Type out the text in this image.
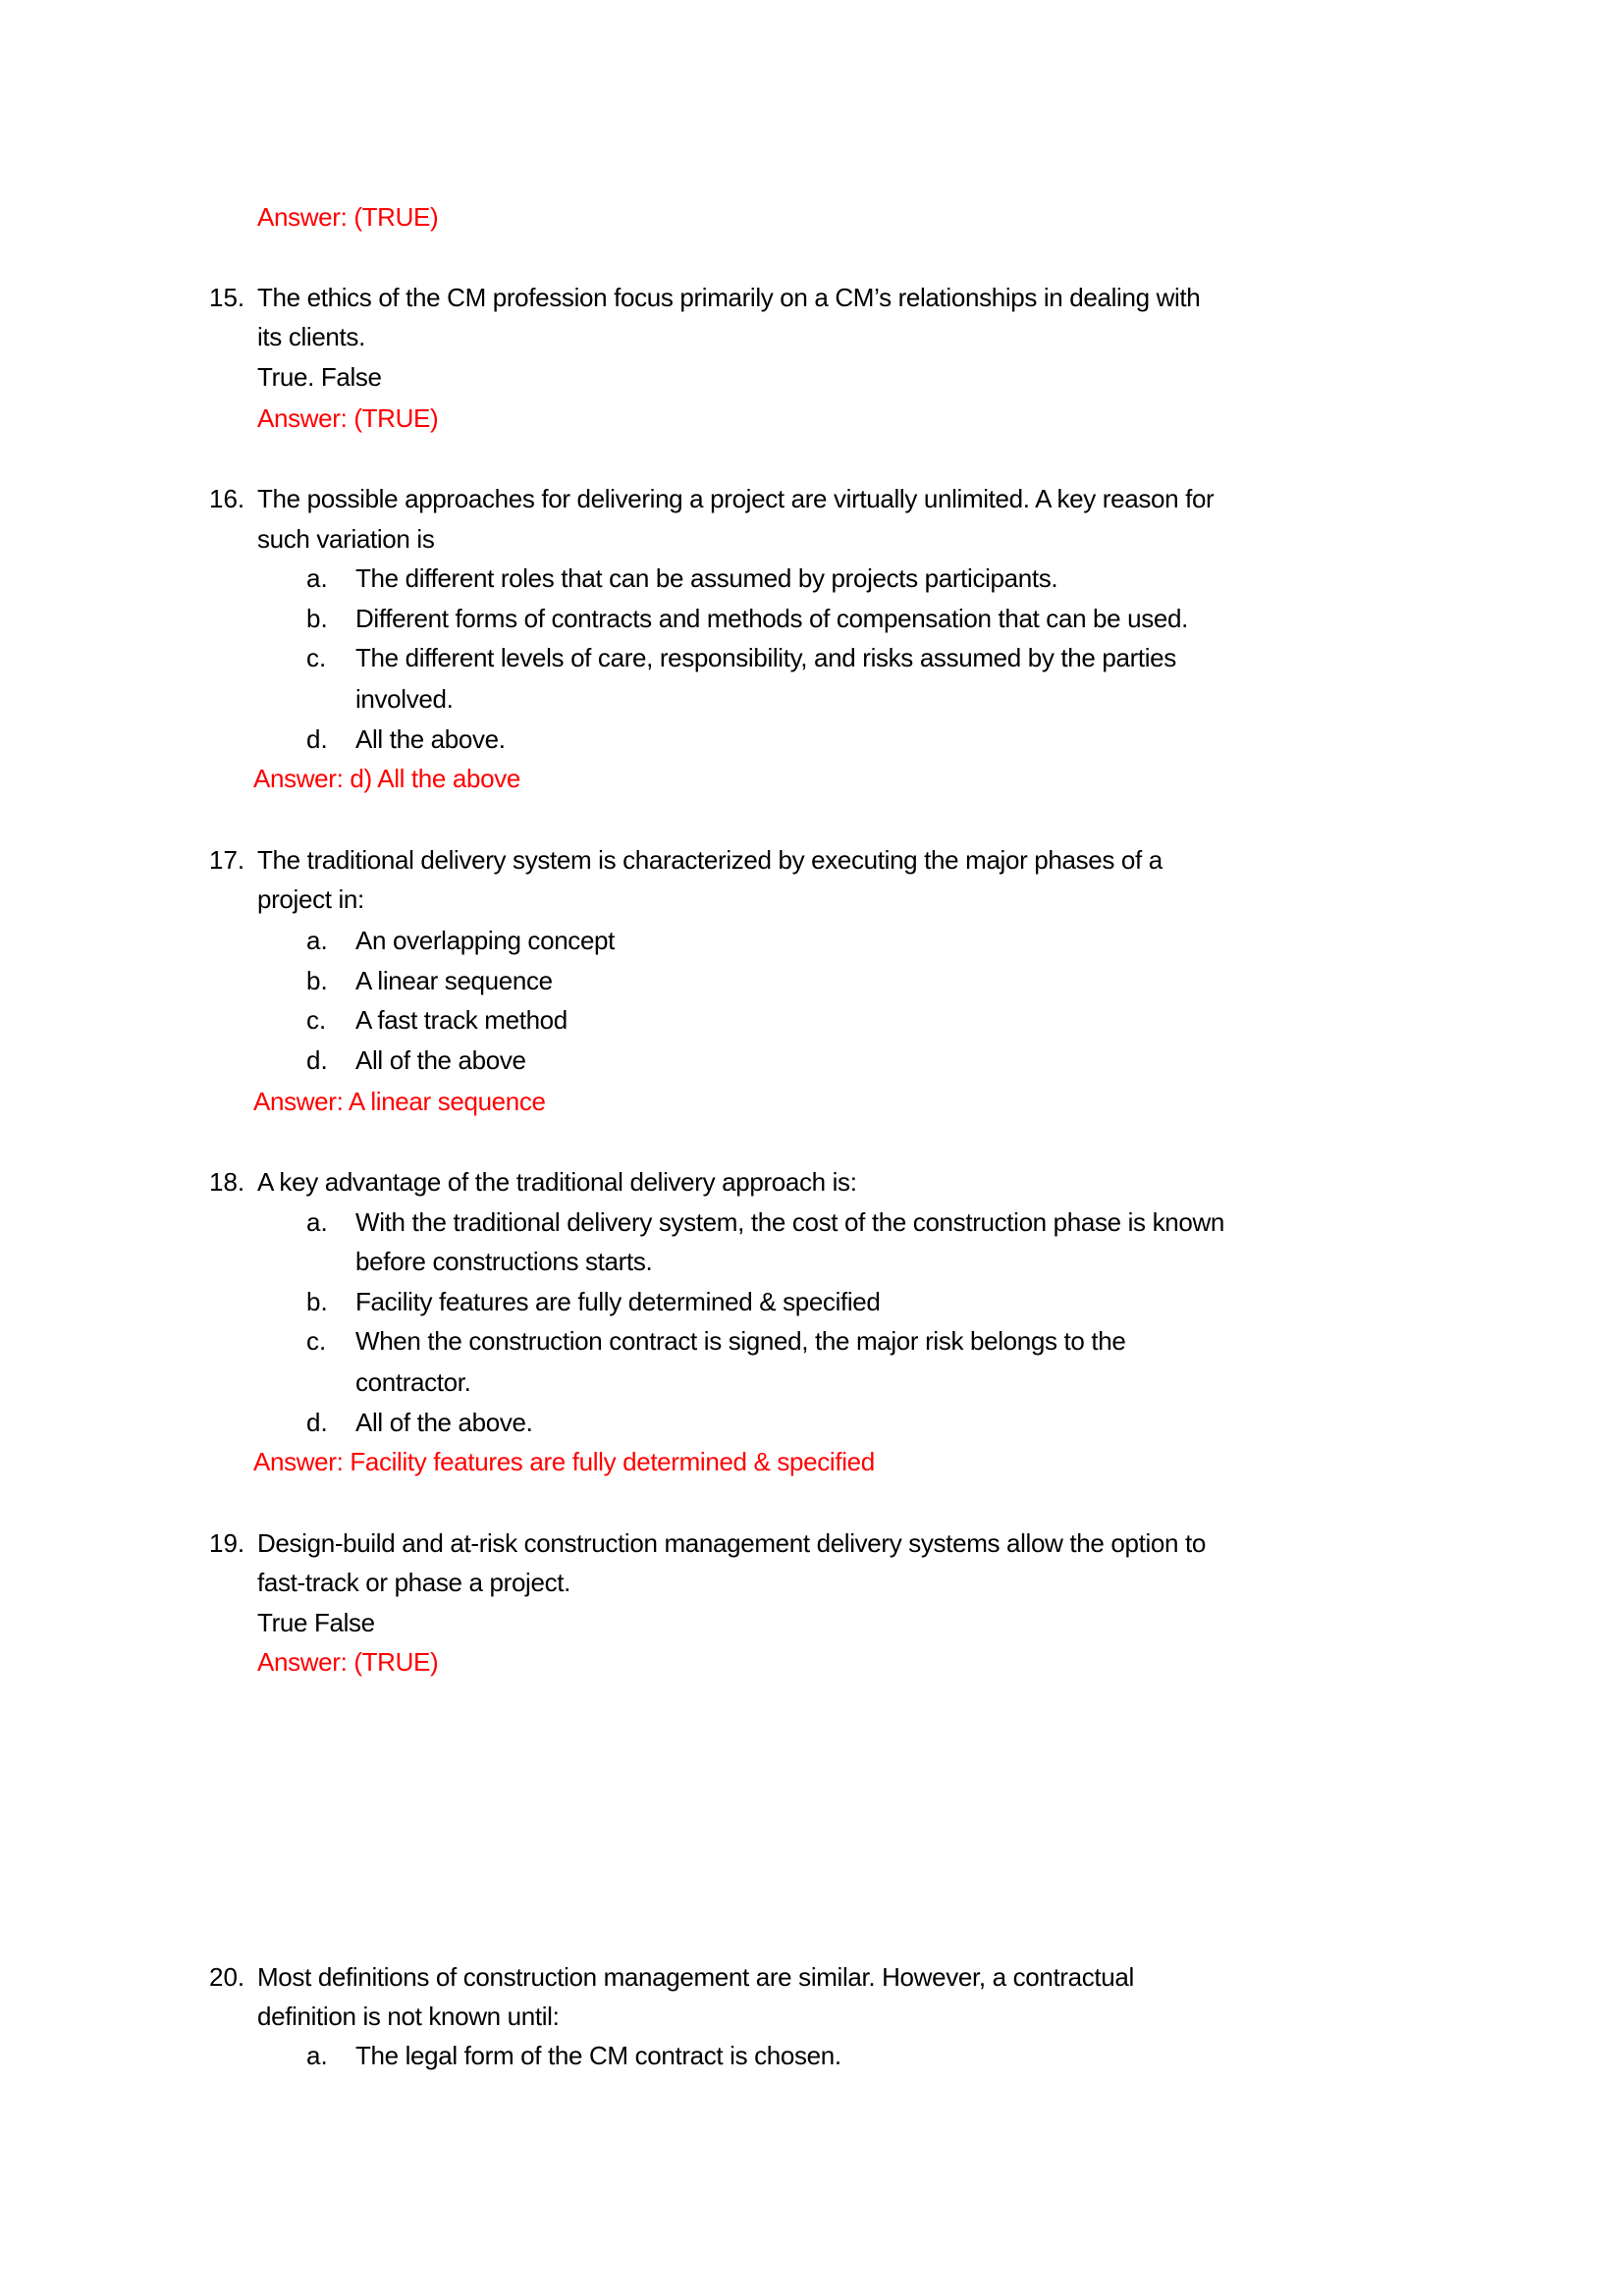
Answer: (TRUE)
15. The ethics of the CM profession focus primarily on a CM’s relationships in dealing with
its clients.
True. False
Answer: (TRUE)
16. The possible approaches for delivering a project are virtually unlimited. A key reason for
such variation is
a. The different roles that can be assumed by projects participants.
b. Different forms of contracts and methods of compensation that can be used.
c. The different levels of care, responsibility, and risks assumed by the parties
involved.
d. All the above.
Answer: d) All the above
17. The traditional delivery system is characterized by executing the major phases of a
project in:
a. An overlapping concept
b. A linear sequence
c. A fast track method
d. All of the above
Answer: A linear sequence
18. A key advantage of the traditional delivery approach is:
a. With the traditional delivery system, the cost of the construction phase is known
before constructions starts.
b. Facility features are fully determined & specified
c. When the construction contract is signed, the major risk belongs to the
contractor.
d. All of the above.
Answer: Facility features are fully determined & specified
19. Design-build and at-risk construction management delivery systems allow the option to
fast-track or phase a project.
True False
Answer: (TRUE)
20. Most definitions of construction management are similar. However, a contractual
definition is not known until:
a. The legal form of the CM contract is chosen.
